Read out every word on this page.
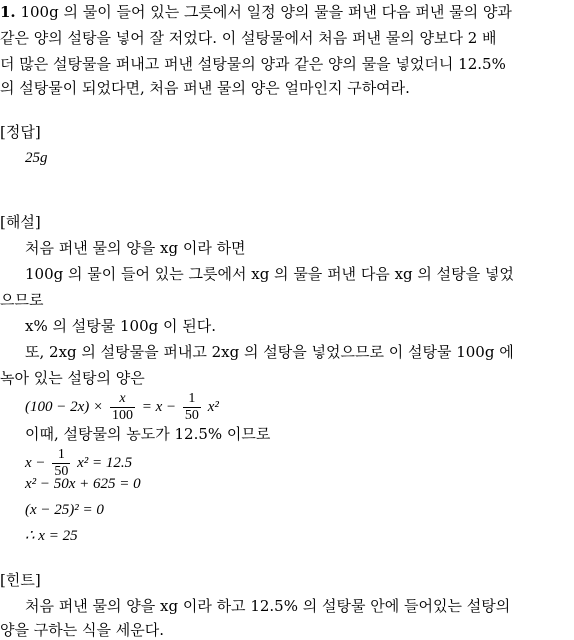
1. 100g 의 물이 들어 있는 그릇에서 일정 양의 물을 퍼낸 다음 퍼낸 물의 양과
같은 양의 설탕을 넣어 잘 저었다. 이 설탕물에서 처음 퍼낸 물의 양보다 2 배
더 많은 설탕물을 퍼내고 퍼낸 설탕물의 양과 같은 양의 물을 넣었더니 12.5%
의 설탕물이 되었다면, 처음 퍼낸 물의 양은 얼마인지 구하여라.
[정답]
25g
[해설]
처음 퍼낸 물의 양을 xg 이라 하면
100g 의 물이 들어 있는 그릇에서 xg 의 물을 퍼낸 다음 xg 의 설탕을 넣었
으므로
x% 의 설탕물 100g 이 된다.
또, 2xg 의 설탕물을 퍼내고 2xg 의 설탕을 넣었으므로 이 설탕물 100g 에
녹아 있는 설탕의 양은
$(100 - 2x) \times \frac{x}{100} = x - \frac{1}{50} x^2$
이때, 설탕물의 농도가 12.5% 이므로
$x - \frac{1}{50} x^2 = 12.5$
x² − 50x + 625 = 0
(x − 25)² = 0
∴ x = 25
[힌트]
처음 퍼낸 물의 양을 xg 이라 하고 12.5% 의 설탕물 안에 들어있는 설탕의
양을 구하는 식을 세운다.
